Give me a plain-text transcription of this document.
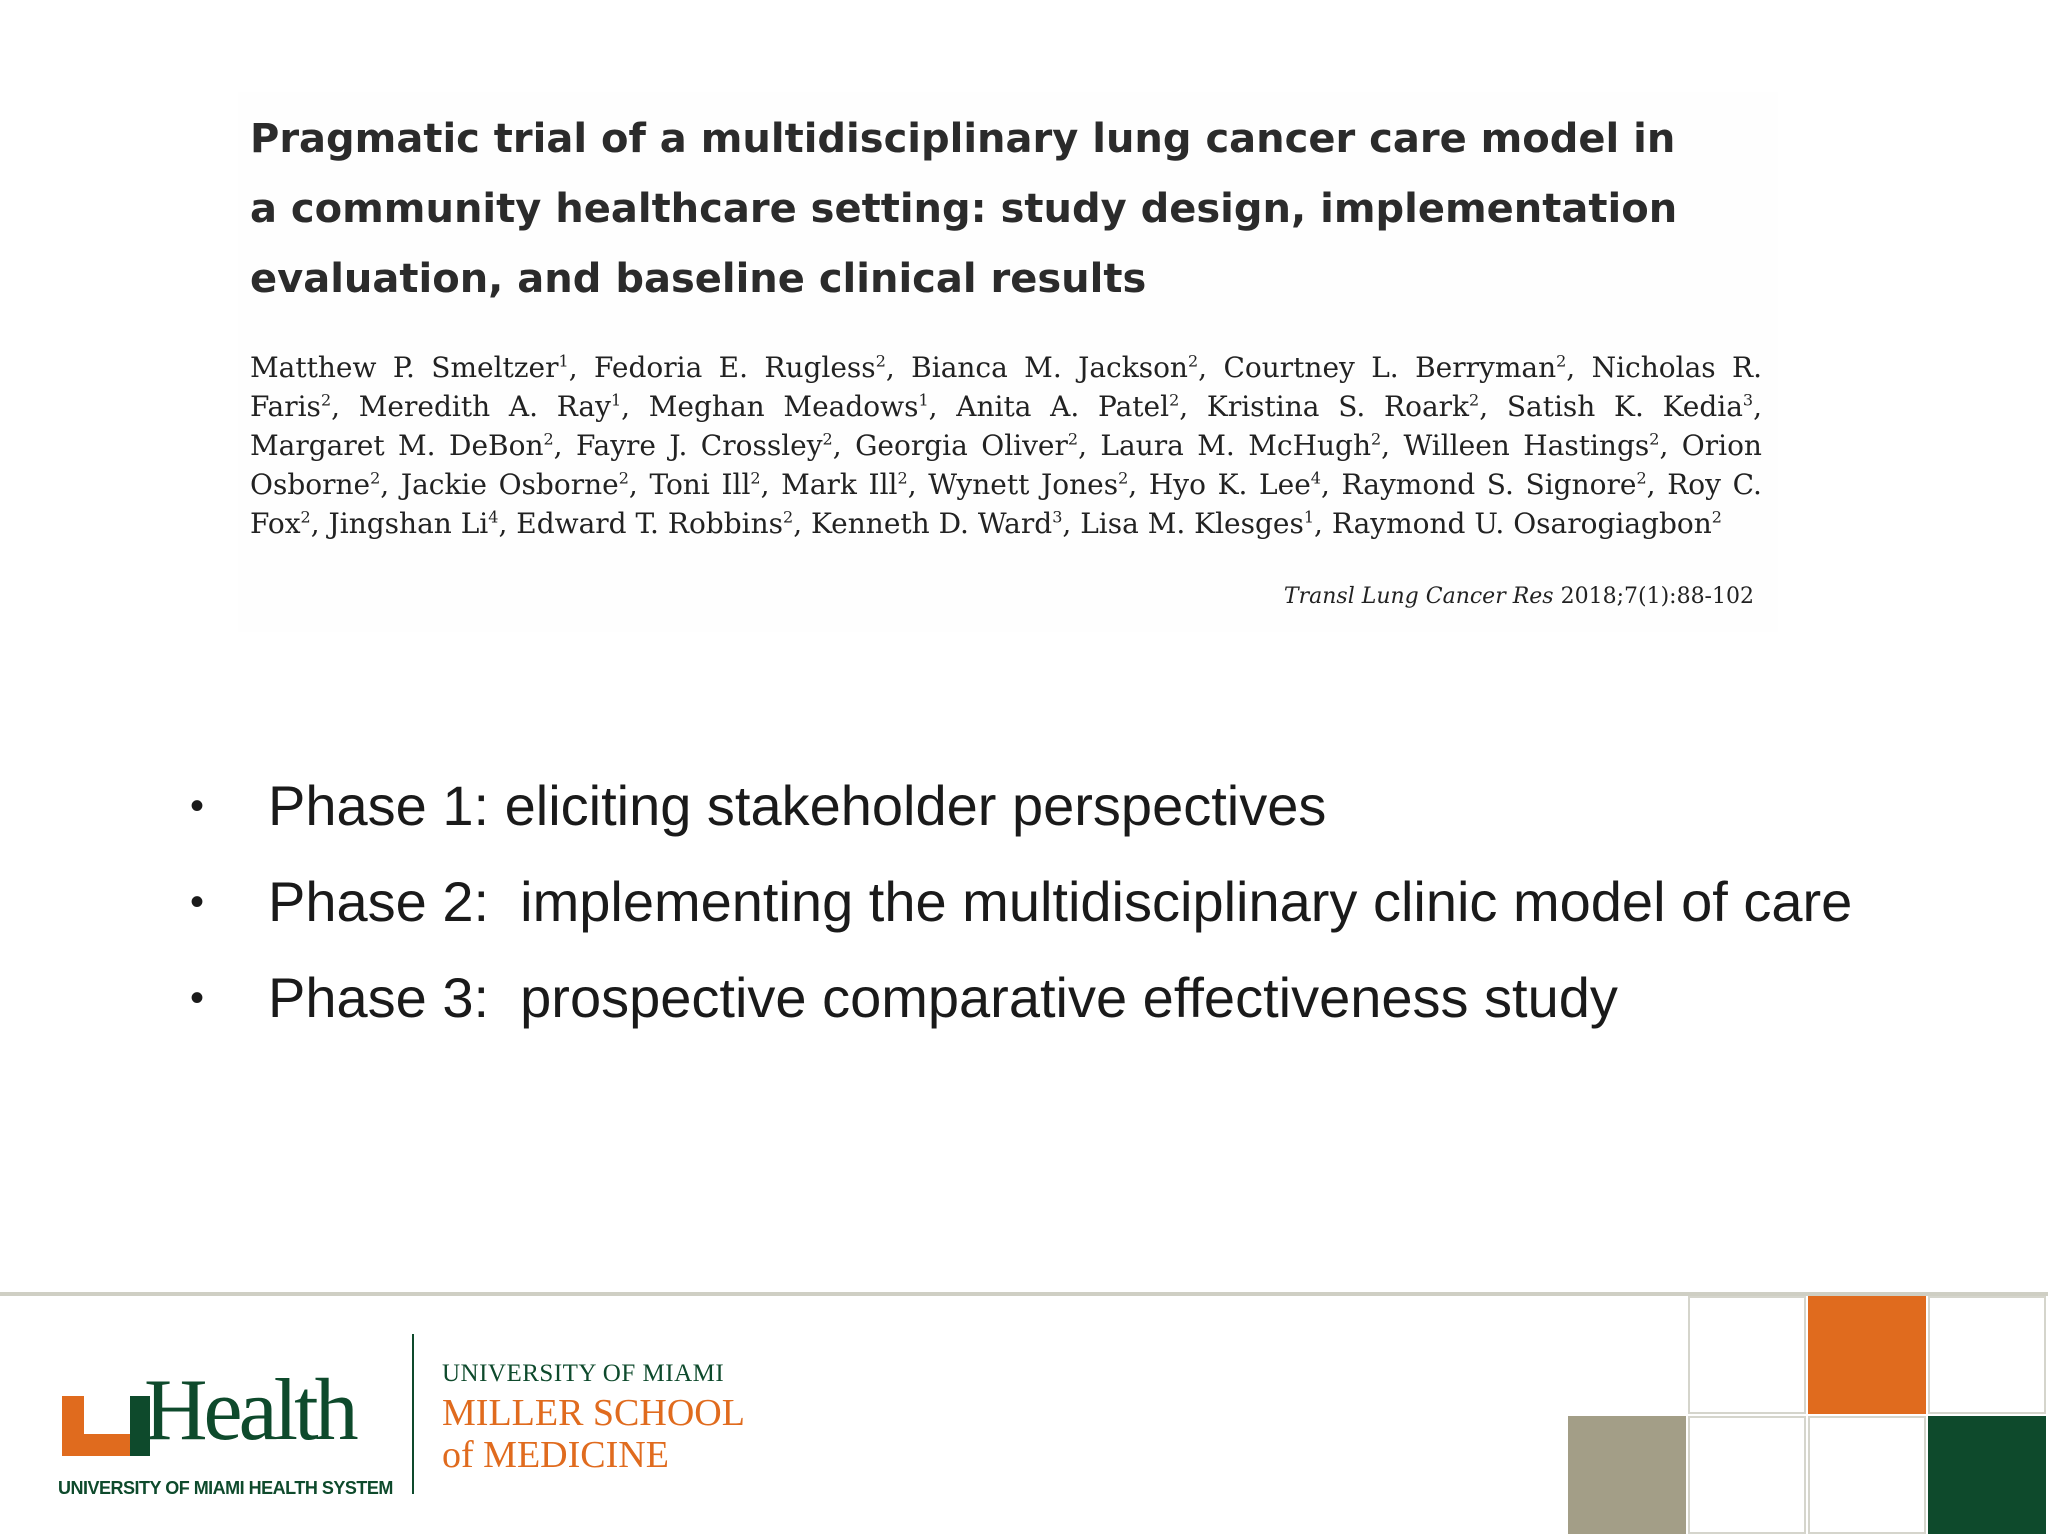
Pragmatic trial of a multidisciplinary lung cancer care model in
a community healthcare setting: study design, implementation
evaluation, and baseline clinical results

Matthew P. Smeltzer$^1$, Fedoria E. Rugless$^2$, Bianca M. Jackson$^2$, Courtney L. Berryman$^2$, Nicholas R. Faris$^2$, Meredith A. Ray$^1$, Meghan Meadows$^1$, Anita A. Patel$^2$, Kristina S. Roark$^2$, Satish K. Kedia$^3$, Margaret M. DeBon$^2$, Fayre J. Crossley$^2$, Georgia Oliver$^2$, Laura M. McHugh$^2$, Willeen Hastings$^2$, Orion Osborne$^2$, Jackie Osborne$^2$, Toni Ill$^2$, Mark Ill$^2$, Wynett Jones$^2$, Hyo K. Lee$^4$, Raymond S. Signore$^2$, Roy C. Fox$^2$, Jingshan Li$^4$, Edward T. Robbins$^2$, Kenneth D. Ward$^3$, Lisa M. Klesges$^1$, Raymond U. Osarogiagbon$^2$

Transl Lung Cancer Res 2018;7(1):88-102

•

	Phase 1: eliciting stakeholder perspectives

•

	Phase 2:  implementing the multidisciplinary clinic model of care

•

	Phase 3:  prospective comparative effectiveness study

Health
UNIVERSITY OF MIAMI HEALTH SYSTEM
UNIVERSITY OF MIAMI
MILLER SCHOOL
of MEDICINE
